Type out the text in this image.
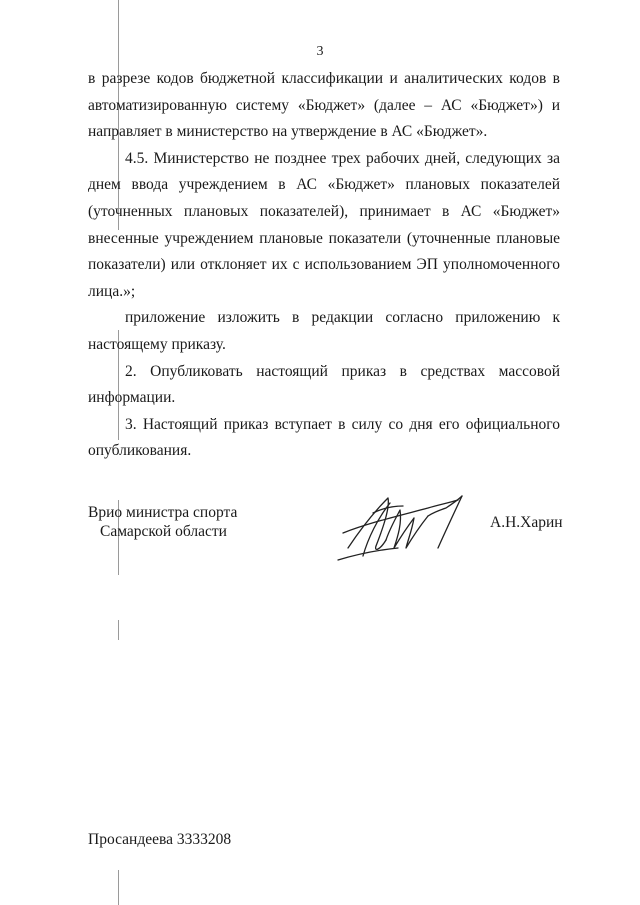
3

в разрезе кодов бюджетной классификации и аналитических кодов в автоматизированную систему «Бюджет» (далее – АС «Бюджет») и направляет в министерство на утверждение в АС «Бюджет».

4.5. Министерство не позднее трех рабочих дней, следующих за днем ввода учреждением в АС «Бюджет» плановых показателей (уточненных плановых показателей), принимает в АС «Бюджет» внесенные учреждением плановые показатели (уточненные плановые показатели) или отклоняет их с использованием ЭП уполномоченного лица.»;

приложение изложить в редакции согласно приложению к настоящему приказу.

2. Опубликовать настоящий приказ в средствах массовой информации.

3. Настоящий приказ вступает в силу со дня его официального опубликования.

Врио министра спорта
Самарской области
А.Н.Харин
Просандеева 3333208
